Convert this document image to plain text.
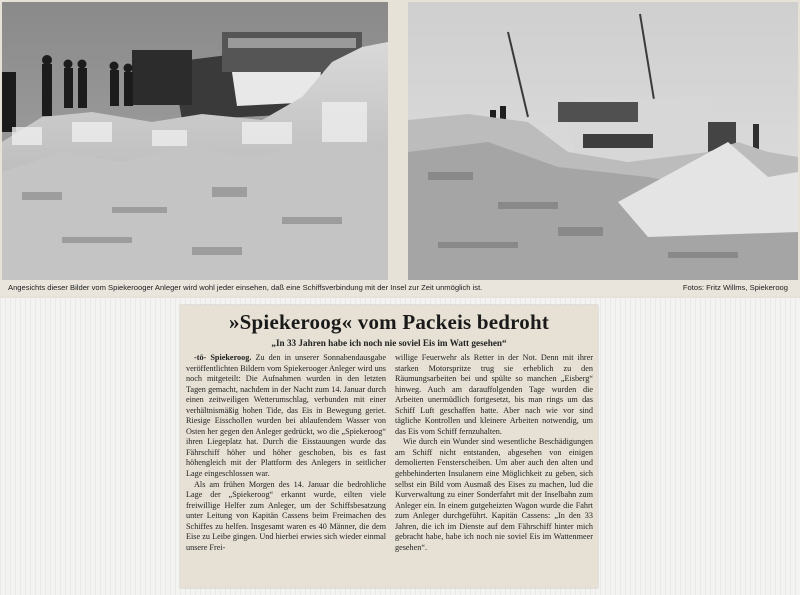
Angesichts dieser Bilder vom Spiekerooger Anleger wird wohl jeder einsehen, daß eine Schiffsverbindung mit der Insel zur Zeit unmöglich ist.	Fotos: Fritz Willms, Spiekeroog
»Spiekeroog« vom Packeis bedroht
„In 33 Jahren habe ich noch nie soviel Eis im Watt gesehen“

-tö- Spiekeroog. Zu den in unserer Sonnabendausgabe veröffentlichten Bildern vom Spiekerooger Anleger wird uns noch mitgeteilt: Die Aufnahmen wurden in den letzten Tagen gemacht, nachdem in der Nacht zum 14. Januar durch einen zeitweiligen Wetterumschlag, verbunden mit einer verhältnismäßig hohen Tide, das Eis in Bewegung geriet. Riesige Eisschollen wurden bei ablaufendem Wasser von Osten her gegen den Anleger gedrückt, wo die „Spiekeroog“ ihren Liegeplatz hat. Durch die Eisstauungen wurde das Fährschiff höher und höher geschoben, bis es fast höhengleich mit der Plattform des Anlegers in seitlicher Lage eingeschlossen war.

Als am frühen Morgen des 14. Januar die bedrohliche Lage der „Spiekeroog“ erkannt wurde, eilten viele freiwillige Helfer zum Anleger, um der Schiffsbesatzung unter Leitung von Kapitän Cassens beim Freimachen des Schiffes zu helfen. Insgesamt waren es 40 Männer, die dem Eise zu Leibe gingen. Und hierbei erwies sich wieder einmal unsere Frei-

willige Feuerwehr als Retter in der Not. Denn mit ihrer starken Motorspritze trug sie erheblich zu den Räumungsarbeiten bei und spülte so manchen „Eisberg“ hinweg. Auch am darauffolgenden Tage wurden die Arbeiten unermüdlich fortgesetzt, bis man rings um das Schiff Luft geschaffen hatte. Aber nach wie vor sind tägliche Kontrollen und kleinere Arbeiten notwendig, um das Eis vom Schiff fernzuhalten.

Wie durch ein Wunder sind wesentliche Beschädigungen am Schiff nicht entstanden, abgesehen von einigen demolierten Fensterscheiben. Um aber auch den alten und gehbehinderten Insulanern eine Möglichkeit zu geben, sich selbst ein Bild vom Ausmaß des Eises zu machen, lud die Kurverwaltung zu einer Sonderfahrt mit der Inselbahn zum Anleger ein. In einem gutgeheizten Wagon wurde die Fahrt zum Anleger durchgeführt. Kapitän Cassens: „In den 33 Jahren, die ich im Dienste auf dem Fährschiff hinter mich gebracht habe, habe ich noch nie soviel Eis im Wattenmeer gesehen“.
